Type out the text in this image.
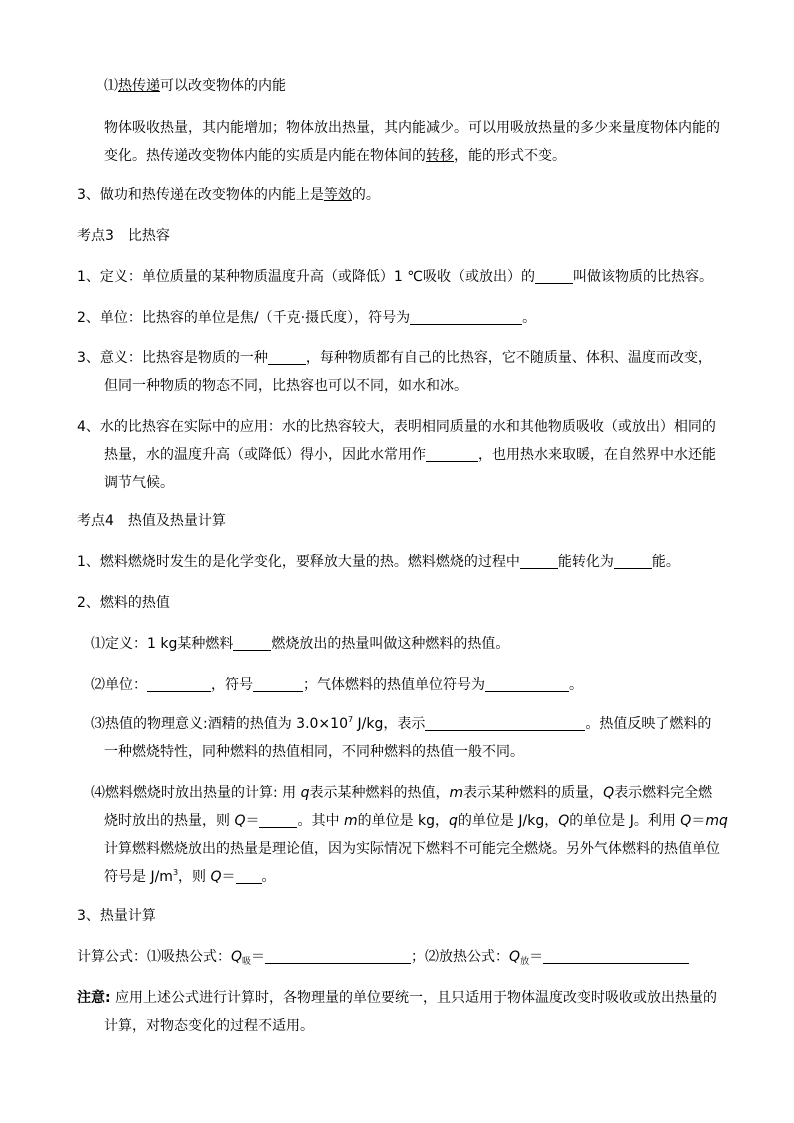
⑴热传递可以改变物体的内能
物体吸收热量，其内能增加；物体放出热量，其内能减少。可以用吸放热量的多少来量度物体内能的
变化。热传递改变物体内能的实质是内能在物体间的转移，能的形式不变。
3、做功和热传递在改变物体的内能上是等效的。
考点3　比热容
1、定义：单位质量的某种物质温度升高（或降低）1 ℃吸收（或放出）的	叫做该物质的比热容。
2、单位：比热容的单位是焦/（千克·摄氏度），符号为	。
3、意义：比热容是物质的一种	，每种物质都有自己的比热容，它不随质量、体积、温度而改变，
但同一种物质的物态不同，比热容也可以不同，如水和冰。
4、水的比热容在实际中的应用：水的比热容较大，表明相同质量的水和其他物质吸收（或放出）相同的
热量，水的温度升高（或降低）得小，因此水常用作	，也用热水来取暖，在自然界中水还能
调节气候。
考点4　热值及热量计算
1、燃料燃烧时发生的是化学变化，要释放大量的热。燃料燃烧的过程中	能转化为	能。
2、燃料的热值
⑴定义：1 kg某种燃料	燃烧放出的热量叫做这种燃料的热值。
⑵单位：	，符号	；气体燃料的热值单位符号为	。
⑶热值的物理意义:酒精的热值为 $3.0\times 10^7$ J/kg，表示	。热值反映了燃料的
一种燃烧特性，同种燃料的热值相同，不同种燃料的热值一般不同。
⑷燃料燃烧时放出热量的计算: 用 q表示某种燃料的热值，m表示某种燃料的质量，Q表示燃料完全燃
烧时放出的热量，则 Q＝	。其中 m的单位是 kg，q的单位是 J/kg，Q的单位是 J。利用 Q＝mq
计算燃料燃烧放出的热量是理论值，因为实际情况下燃料不可能完全燃烧。另外气体燃料的热值单位
符号是 $J/m^3$，则 Q＝ 。
3、热量计算
计算公式：⑴吸热公式：$Q_吸=$	；⑵放热公式：$Q_放=$
注意: 应用上述公式进行计算时，各物理量的单位要统一，且只适用于物体温度改变时吸收或放出热量的
计算，对物态变化的过程不适用。
